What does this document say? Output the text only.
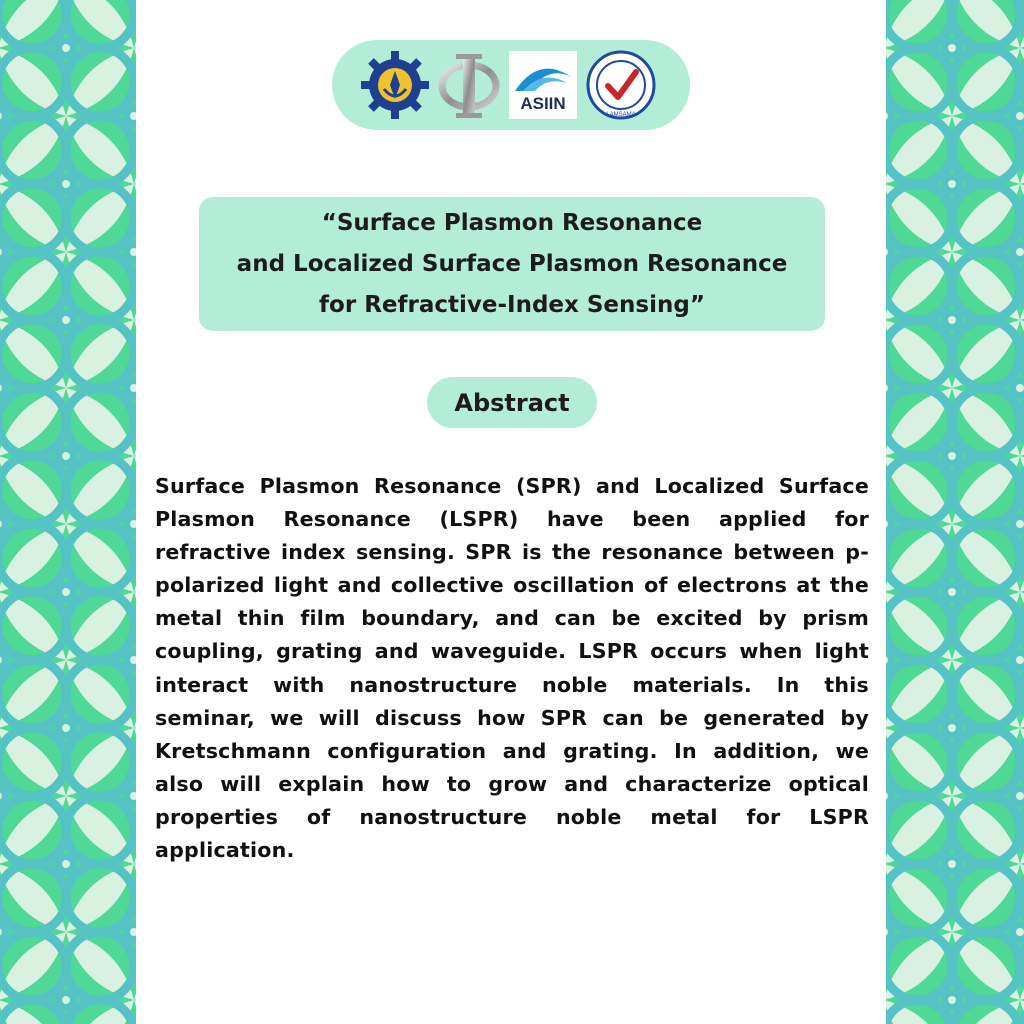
ASIIN
LAMSAMA
“Surface Plasmon Resonance
and Localized Surface Plasmon Resonance
for Refractive-Index Sensing”
Abstract
Surface Plasmon Resonance (SPR) and Localized Surface Plasmon Resonance (LSPR) have been applied for refractive index sensing. SPR is the resonance between p-polarized light and collective oscillation of electrons at the metal thin film boundary, and can be excited by prism coupling, grating and waveguide. LSPR occurs when light interact with nanostructure noble materials. In this seminar, we will discuss how SPR can be generated by Kretschmann configuration and grating. In addition, we also will explain how to grow and characterize optical properties of nanostructure noble metal for LSPR application.
